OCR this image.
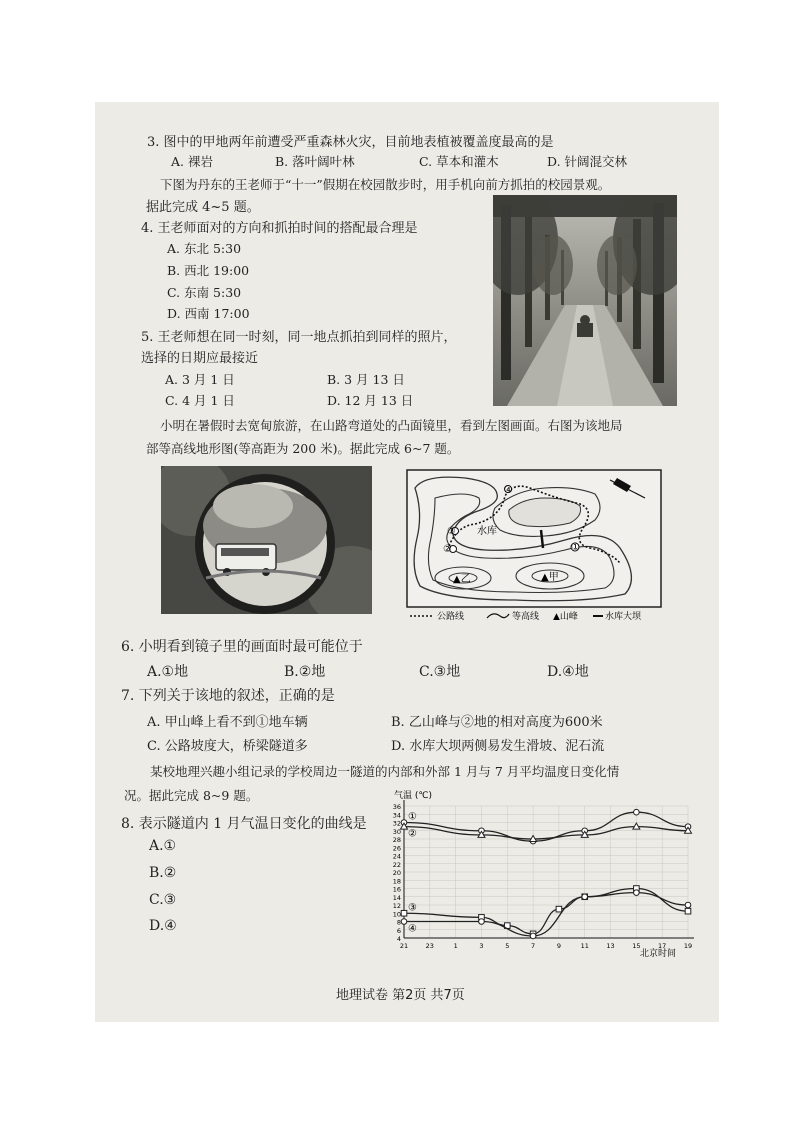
3. 图中的甲地两年前遭受严重森林火灾，目前地表植被覆盖度最高的是
A. 裸岩	B. 落叶阔叶林	C. 草本和灌木	D. 针阔混交林
下图为丹东的王老师于“十一”假期在校园散步时，用手机向前方抓拍的校园景观。
据此完成 4~5 题。
4. 王老师面对的方向和抓拍时间的搭配最合理是
A. 东北 5:30
B. 西北 19:00
C. 东南 5:30
D. 西南 17:00
5. 王老师想在同一时刻，同一地点抓拍到同样的照片，
选择的日期应最接近
A. 3 月 1 日	B. 3 月 13 日
C. 4 月 1 日	D. 12 月 13 日
小明在暑假时去宽甸旅游，在山路弯道处的凸面镜里，看到左图画面。右图为该地局
部等高线地形图(等高距为 200 米)。据此完成 6~7 题。
①
②
③
④
水库
▲甲
▲乙
公路线	等高线 ▲山峰	水库大坝
6. 小明看到镜子里的画面时最可能位于
A.①地	B.②地	C.③地	D.④地
7. 下列关于该地的叙述，正确的是
A. 甲山峰上看不到①地车辆	B. 乙山峰与②地的相对高度为600米
C. 公路坡度大，桥梁隧道多	D. 水库大坝两侧易发生滑坡、泥石流
某校地理兴趣小组记录的学校周边一隧道的内部和外部 1 月与 7 月平均温度日变化情
况。据此完成 8~9 题。
8. 表示隧道内 1 月气温日变化的曲线是
A.①
B.②
C.③
D.④
气温 (℃)
北京时间
4
6
8
10
12
14
16
18
20
22
24
26
28
30
32
34
36
21	23	1	3	5	7	9	11	13	15	17	19
①
②
③
④
地理试卷 第2页 共7页
